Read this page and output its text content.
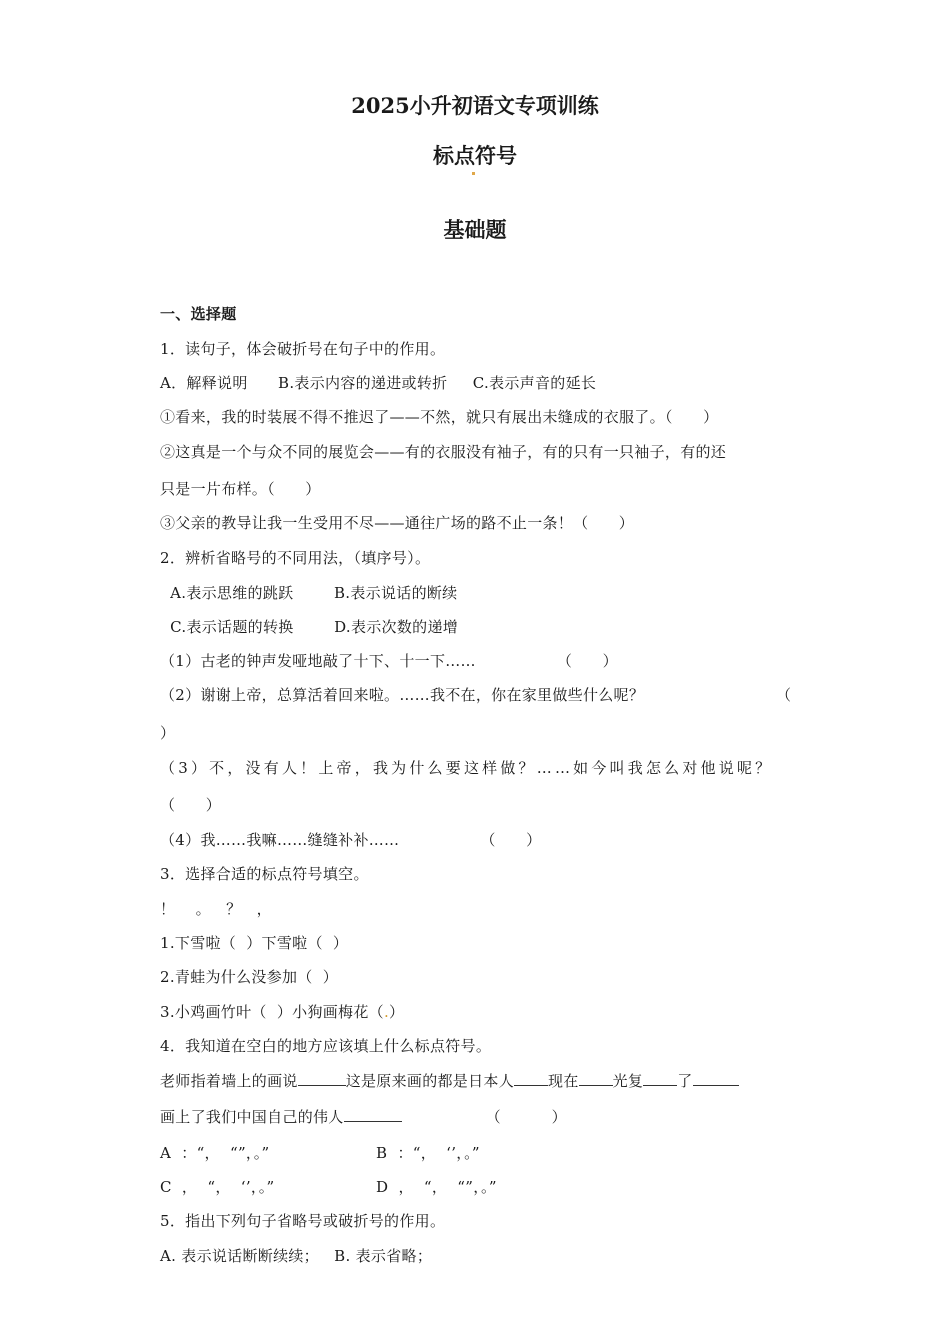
2025小升初语文专项训练
标点符号
基础题
一、选择题
1．读句子，体会破折号在句子中的作用。
A．解释说明      B.表示内容的递进或转折     C.表示声音的延长
①看来，我的时装展不得不推迟了——不然，就只有展出未缝成的衣服了。（      ）
②这真是一个与众不同的展览会——有的衣服没有袖子，有的只有一只袖子，有的还
只是一片布样。（      ）
③父亲的教导让我一生受用不尽——通往广场的路不止一条！（      ）
2．辨析省略号的不同用法，（填序号）。
A.表示思维的跳跃        B.表示说话的断续
C.表示话题的转换        D.表示次数的递增
（1）古老的钟声发哑地敲了十下、十一下……                （      ）
（2）谢谢上帝，总算活着回来啦。……我不在，你在家里做些什么呢？	（
）
（3）不，没有人！上帝，我为什么要这样做？……如今叫我怎么对他说呢？
（      ）
（4）我……我嘛……缝缝补补……                （      ）
3．选择合适的标点符号填空。
！    。   ？   ，
1.下雪啦（  ）下雪啦（  ）
2.青蛙为什么没参加（  ）
3.小鸡画竹叶（  ）小狗画梅花（.）
4．我知道在空白的地方应该填上什么标点符号。
老师指着墙上的画说	这是原来画的都是日本人 现在 光复 了
画上了我们中国自己的伟人	（          ）
A  ：“，  “”，。”	B  ：“，  ‘’，。”
C  ，  “，  ‘’，。”	D  ，  “，  “”，。”
5．指出下列句子省略号或破折号的作用。
A. 表示说话断断续续；   B. 表示省略；
